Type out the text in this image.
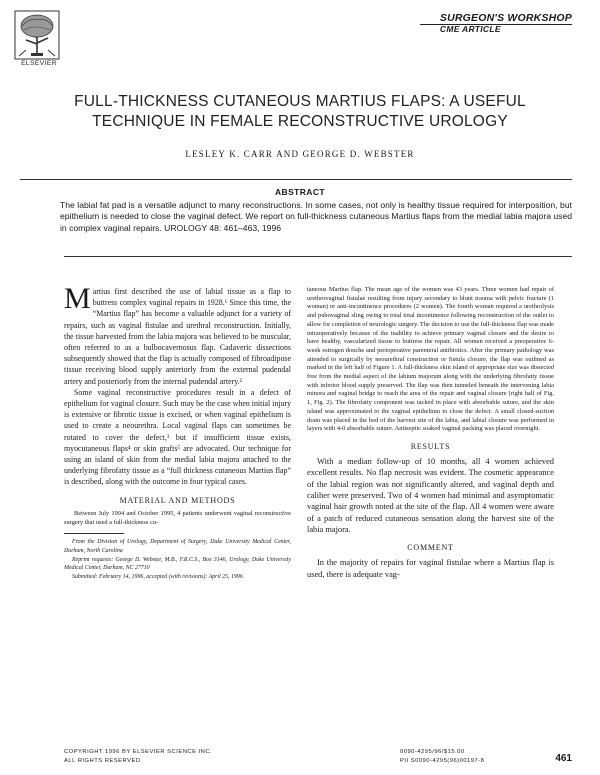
ELSEVIER
SURGEON'S WORKSHOP
CME ARTICLE
FULL-THICKNESS CUTANEOUS MARTIUS FLAPS: A USEFUL
TECHNIQUE IN FEMALE RECONSTRUCTIVE UROLOGY
LESLEY K. CARR AND GEORGE D. WEBSTER
ABSTRACT
The labial fat pad is a versatile adjunct to many reconstructions. In some cases, not only is healthy tissue required for interposition, but epithelium is needed to close the vaginal defect. We report on full-thickness cutaneous Martius flaps from the medial labia majora used in complex vaginal repairs. UROLOGY 48: 461–463, 1996

Martius first described the use of labial tissue as a flap to buttress complex vaginal repairs in 1928.¹ Since this time, the “Martius flap” has become a valuable adjunct for a variety of repairs, such as vaginal fistulae and urethral reconstruction. Initially, the tissue harvested from the labia majora was believed to be muscular, often referred to as a bulbocavernosus flap. Cadaveric dissections subsequently showed that the flap is actually composed of fibroadipose tissue receiving blood supply anteriorly from the external pudendal artery and posteriorly from the internal pudendal artery.²

Some vaginal reconstructive procedures result in a defect of epithelium for vaginal closure. Such may be the case when initial injury is extensive or fibrotic tissue is excised, or when vaginal epithelium is used to create a neourethra. Local vaginal flaps can sometimes be rotated to cover the defect,³ but if insufficient tissue exists, myocutaneous flaps⁴ or skin grafts⁵ are advocated. Our technique for using an island of skin from the medial labia majora attached to the underlying fibrofatty tissue as a “full thickness cutaneous Martius flap” is described, along with the outcome in four typical cases.

MATERIAL AND METHODS

Between July 1994 and October 1995, 4 patients underwent vaginal reconstructive surgery that used a full-thickness cu-

From the Division of Urology, Department of Surgery, Duke University Medical Center, Durham, North Carolina

Reprint requests: George D. Webster, M.B., F.R.C.S., Box 3146, Urology, Duke University Medical Center, Durham, NC 27710

Submitted: February 14, 1996, accepted (with revisions): April 25, 1996

taneous Martius flap. The mean age of the women was 43 years. Three women had repair of urethrovaginal fistulae resulting from injury secondary to blunt trauma with pelvic fracture (1 woman) or anti-incontinence procedures (2 women). The fourth woman required a urethrolysis and pubovaginal sling owing to total total incontinence following reconstruction of the outlet to allow for completion of neurologic surgery. The decision to use the full-thickness flap was made intraoperatively because of the inability to achieve primary vaginal closure and the desire to have healthy, vascularized tissue to buttress the repair. All women received a preoperative 6-week estrogen douche and perioperative parenteral antibiotics. After the primary pathology was attended to surgically by neourethral construction or fistula closure, the flap was outlined as marked in the left half of Figure 1. A full-thickness skin island of appropriate size was dissected free from the medial aspect of the labium majorum along with the underlying fibrofatty tissue with inferior blood supply preserved. The flap was then tunneled beneath the intervening labia minora and vaginal bridge to reach the area of the repair and vaginal closure (right half of Fig. 1, Fig. 2). The fibrofatty component was tacked in place with absorbable suture, and the skin island was approximated to the vaginal epithelium to close the defect. A small closed-suction drain was placed in the bed of the harvest site of the labia, and labial closure was performed in layers with 4-0 absorbable suture. Antiseptic soaked vaginal packing was placed overnight.

RESULTS

With a median follow-up of 10 months, all 4 women achieved excellent results. No flap necrosis was evident. The cosmetic appearance of the labial region was not significantly altered, and vaginal depth and caliber were preserved. Two of 4 women had minimal and asymptomatic vaginal hair growth noted at the site of the flap. All 4 women were aware of a patch of reduced cutaneous sensation along the harvest site of the labia majora.

COMMENT

In the majority of repairs for vaginal fistulae where a Martius flap is used, there is adequate vag-

COPYRIGHT 1996 BY ELSEVIER SCIENCE INC.
ALL RIGHTS RESERVED
0090-4295/96/$15.00
PII S0090-4295(96)00197-8	461
